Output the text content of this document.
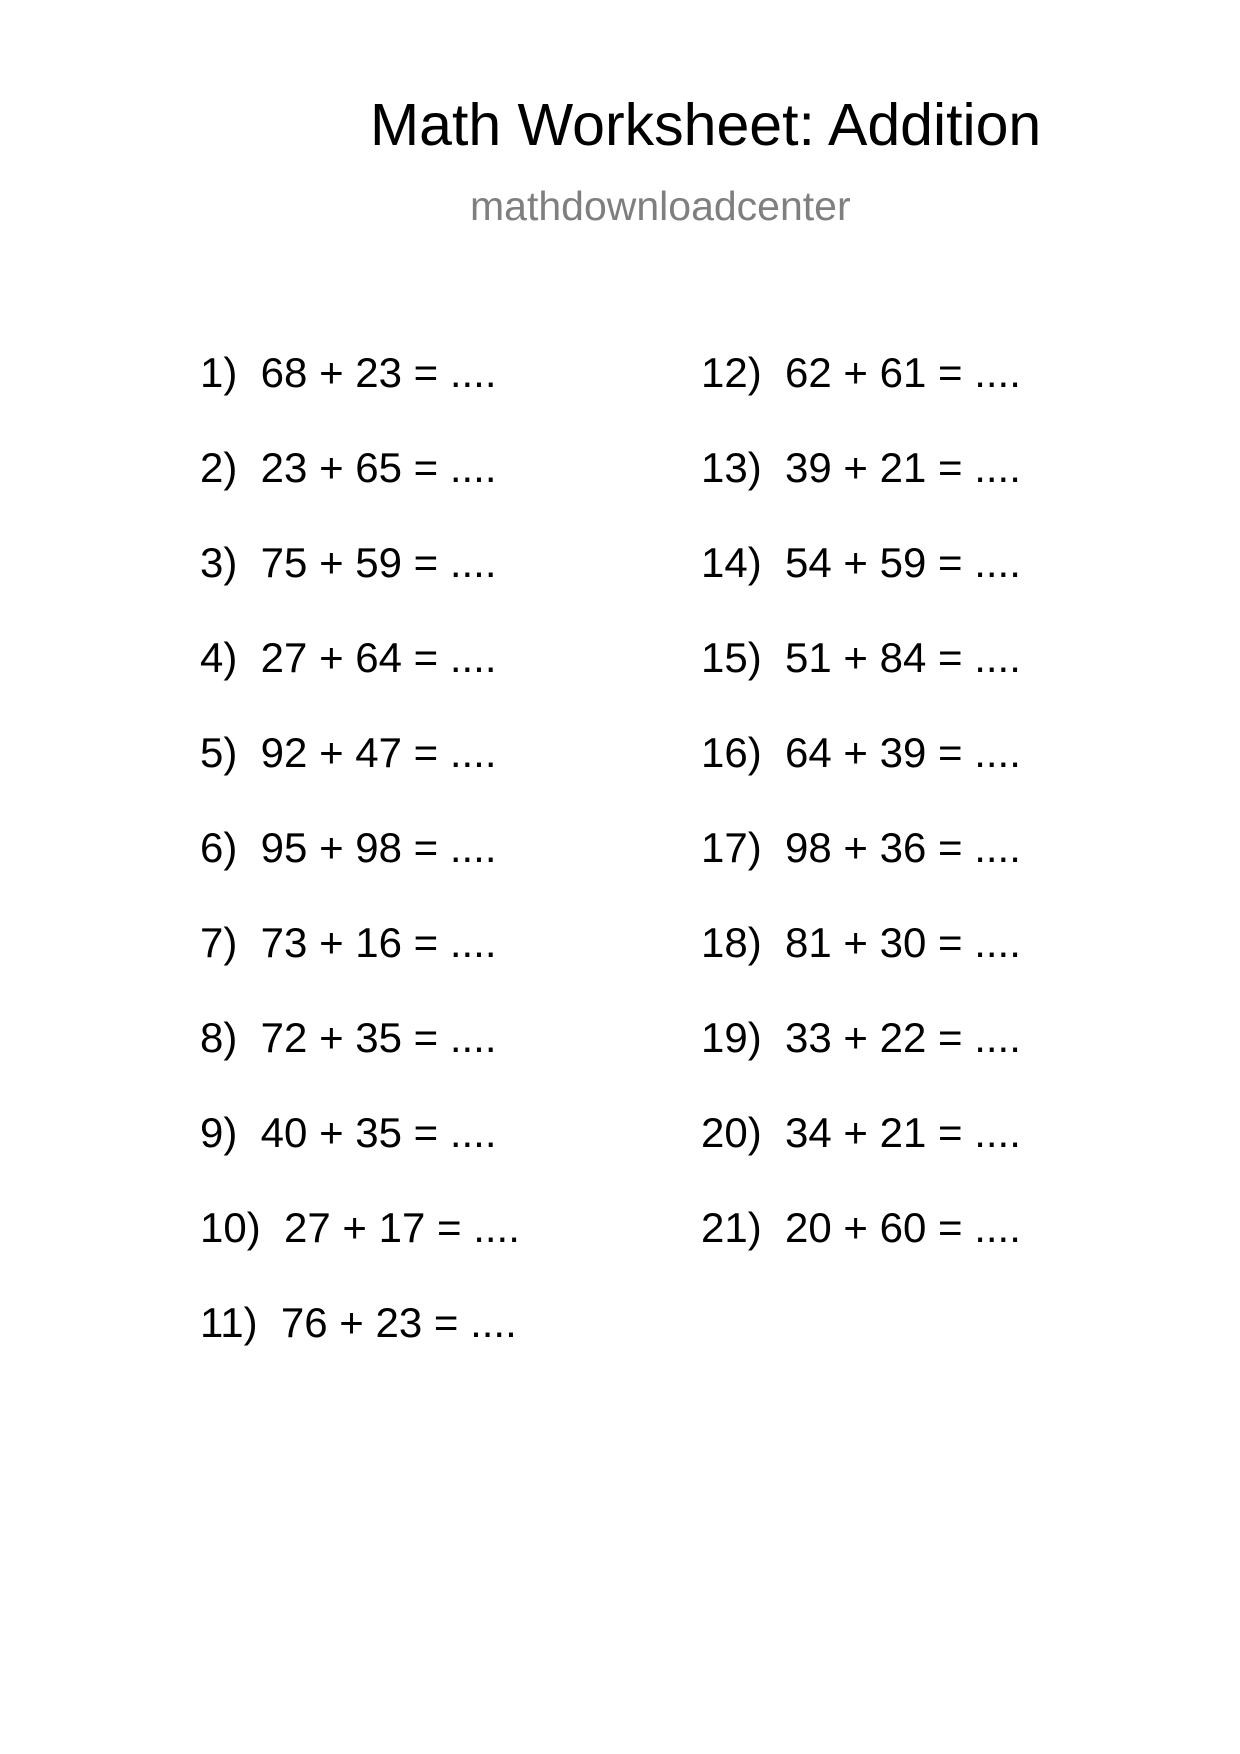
Math Worksheet: Addition
mathdownloadcenter
1)  68 + 23 = ....
2)  23 + 65 = ....
3)  75 + 59 = ....
4)  27 + 64 = ....
5)  92 + 47 = ....
6)  95 + 98 = ....
7)  73 + 16 = ....
8)  72 + 35 = ....
9)  40 + 35 = ....
10)  27 + 17 = ....
11)  76 + 23 = ....
12)  62 + 61 = ....
13)  39 + 21 = ....
14)  54 + 59 = ....
15)  51 + 84 = ....
16)  64 + 39 = ....
17)  98 + 36 = ....
18)  81 + 30 = ....
19)  33 + 22 = ....
20)  34 + 21 = ....
21)  20 + 60 = ....
